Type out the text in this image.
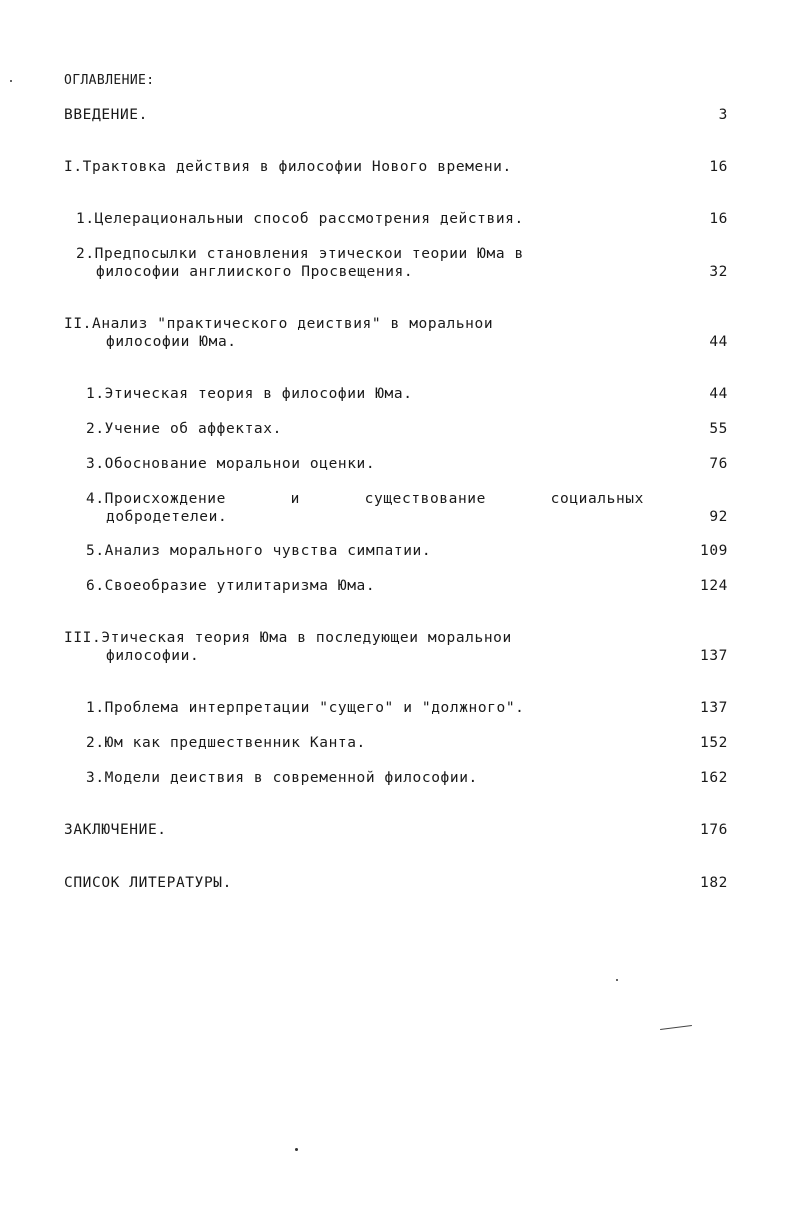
ОГЛАВЛЕНИЕ:
ВВЕДЕНИЕ.	3
I.Трактовка действия в философии Нового времени.	16
1.Целерациональныи способ рассмотрения действия.	16
2.Предпосылки становления этическои теории Юма в
философии англииского Просвещения.	32
II.Анализ "практического деиствия" в моральнои
философии Юма.	44
1.Этическая теория в философии Юма.	44
2.Учение об аффектах.	55
3.Обоснование моральнои оценки.	76
4.Происхождение	и	существование	социальных
добродетелеи.	92
5.Анализ морального чувства симпатии.	109
6.Своеобразие утилитаризма Юма.	124
III.Этическая теория Юма в последующеи моральнои
философии.	137
1.Проблема интерпретации "сущего" и "должного".	137
2.Юм как предшественник Канта.	152
3.Модели деиствия в современной философии.	162
ЗАКЛЮЧЕНИЕ.	176
СПИСОК ЛИТЕРАТУРЫ.	182
